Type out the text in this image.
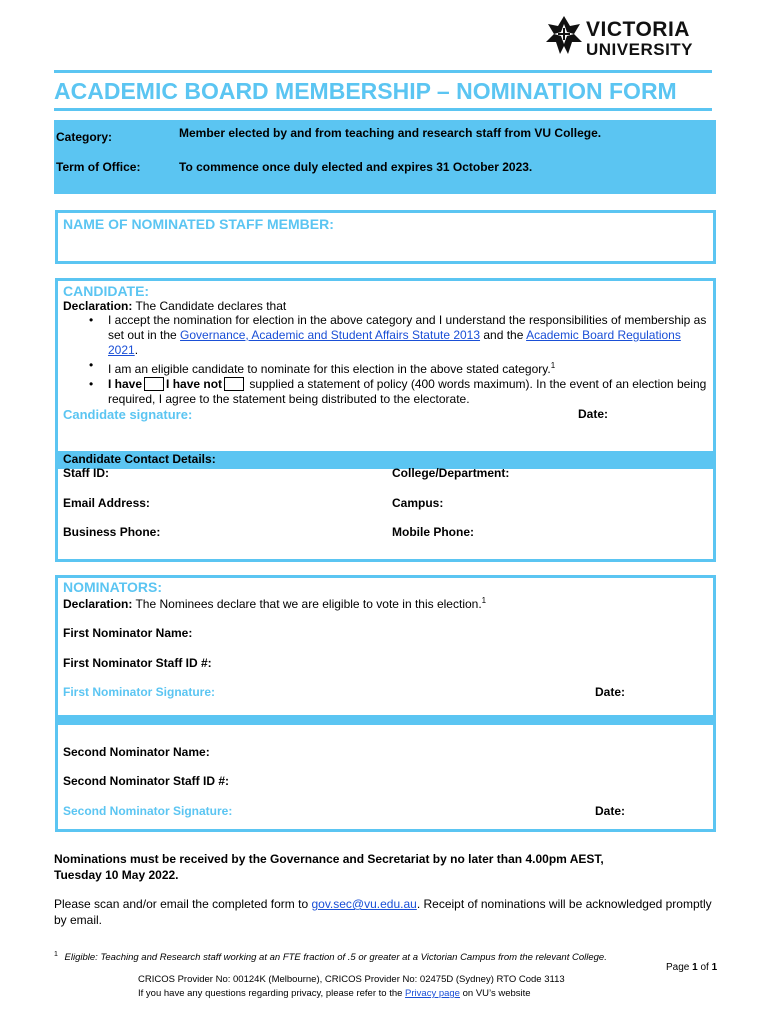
VICTORIA
UNIVERSITY
ACADEMIC BOARD MEMBERSHIP – NOMINATION FORM
Category:	Member elected by and from teaching and research staff from VU College.
Term of Office:	To commence once duly elected and expires 31 October 2023.
NAME OF NOMINATED STAFF MEMBER:
CANDIDATE:
Declaration: The Candidate declares that
• I accept the nomination for election in the above category and I understand the responsibilities of membership as set out in the Governance, Academic and Student Affairs Statute 2013 and the Academic Board Regulations 2021.
• I am an eligible candidate to nominate for this election in the above stated category.$^1$
• I have I have not supplied a statement of policy (400 words maximum). In the event of an election being required, I agree to the statement being distributed to the electorate.
Candidate signature:	Date:
Candidate Contact Details:
Staff ID:	College/Department:
Email Address:	Campus:
Business Phone:	Mobile Phone:
NOMINATORS:
Declaration: The Nominees declare that we are eligible to vote in this election.$^1$
First Nominator Name:
First Nominator Staff ID #:
First Nominator Signature:	Date:
Second Nominator Name:
Second Nominator Staff ID #:
Second Nominator Signature:	Date:
Nominations must be received by the Governance and Secretariat by no later than 4.00pm AEST,
Tuesday 10 May 2022.
Please scan and/or email the completed form to gov.sec@vu.edu.au. Receipt of nominations will be acknowledged promptly by email.
$^1$ Eligible: Teaching and Research staff working at an FTE fraction of .5 or greater at a Victorian Campus from the relevant College.
Page 1 of 1
CRICOS Provider No: 00124K (Melbourne), CRICOS Provider No: 02475D (Sydney) RTO Code 3113
If you have any questions regarding privacy, please refer to the Privacy page on VU’s website
